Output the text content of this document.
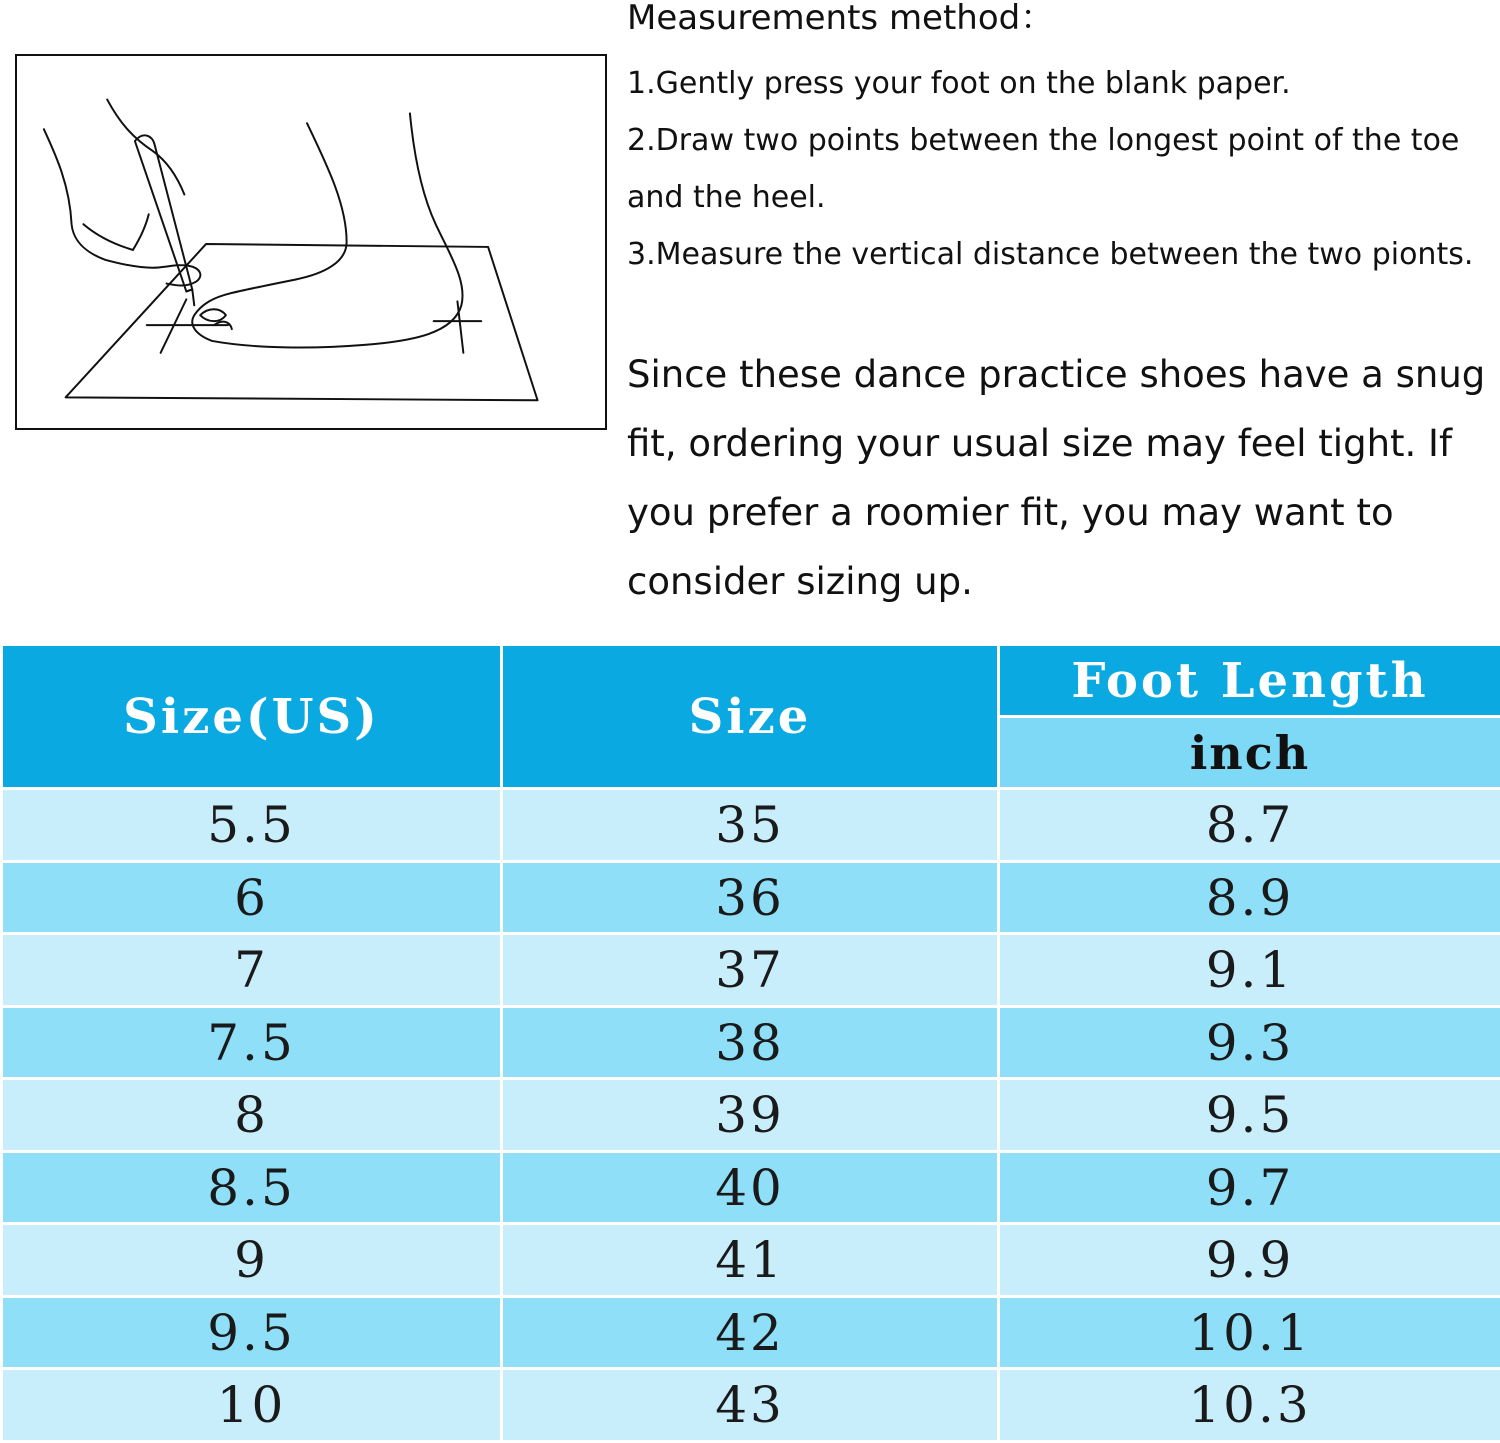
Measurements method：
1.Gently press your foot on the blank paper.
2.Draw two points between the longest point of the toe
and the heel.
3.Measure the vertical distance between the two pionts.
Since these dance practice shoes have a snug fit, ordering your usual size may feel tight. If you prefer a roomier fit, you may want to consider sizing up.
Size(US)	Size	Foot Length
		inch
5.5	35	8.7
6	36	8.9
7	37	9.1
7.5	38	9.3
8	39	9.5
8.5	40	9.7
9	41	9.9
9.5	42	10.1
10	43	10.3
